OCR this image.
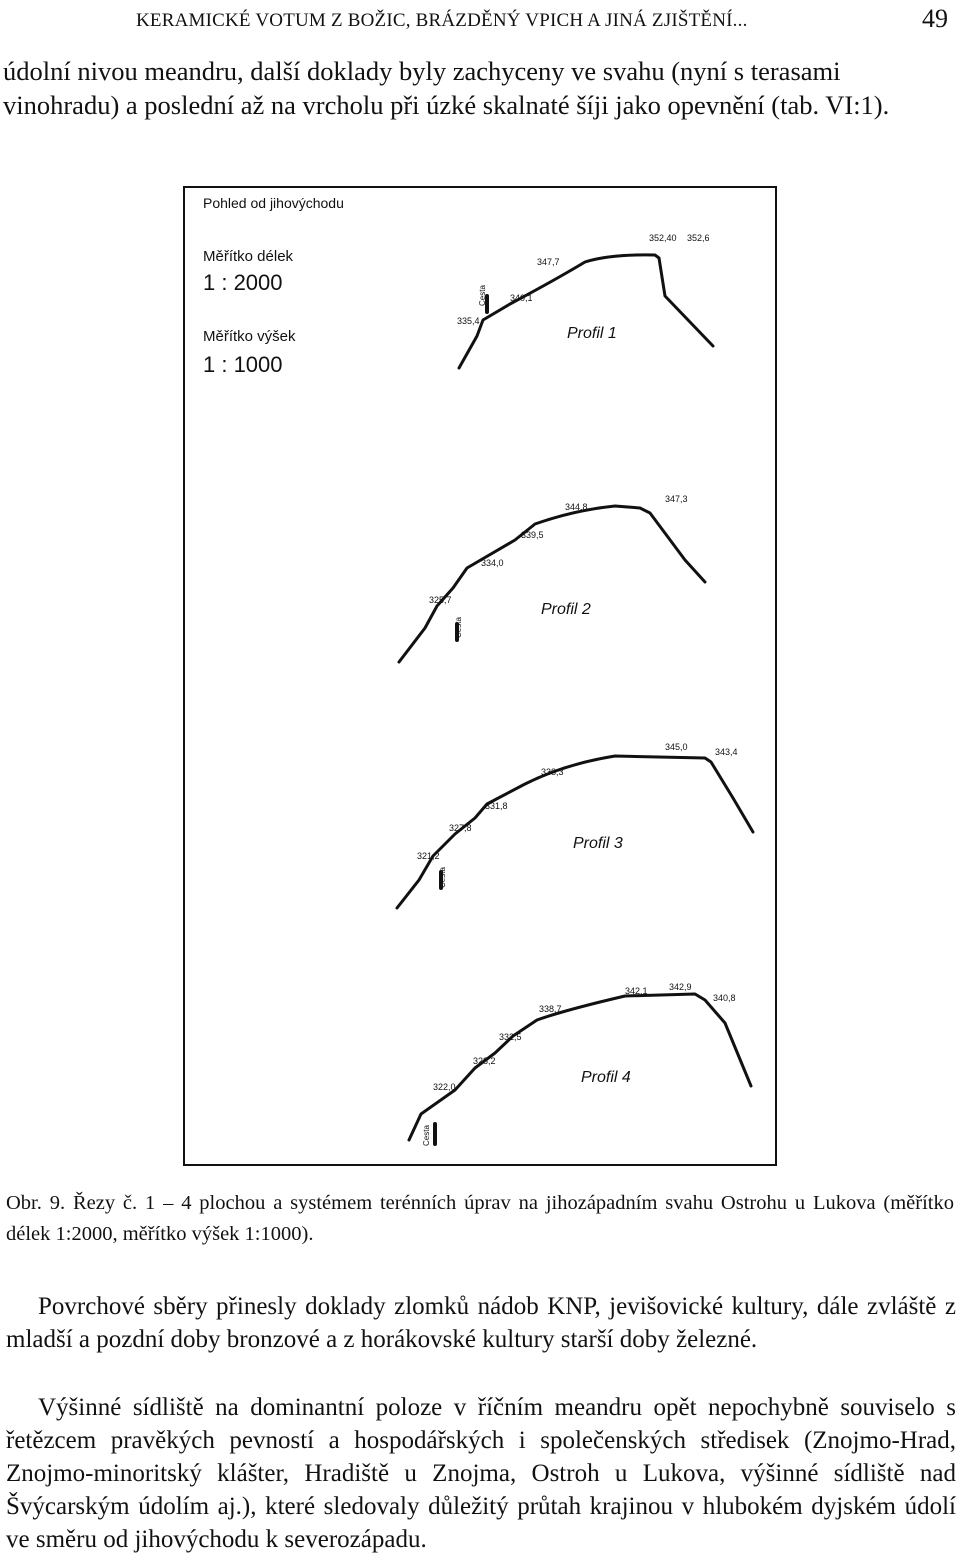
KERAMICKÉ VOTUM Z BOŽIC, BRÁZDĚNÝ VPICH A JINÁ ZJIŠTĚNÍ...	49
údolní nivou meandru, další doklady byly zachyceny ve svahu (nyní s terasami vinohradu) a poslední až na vrcholu při úzké skalnaté šíji jako opevnění (tab. VI:1).
Pohled od jihovýchodu
Měřítko délek
1 : 2000
Měřítko výšek
1 : 1000
Profil 1
335,4
340,1
347,7
352,40 352,6
Cesta
Profil 2
325,7
334,0
339,5
344,8
347,3
Cesta
Profil 3
321,2
327,8
331,8
338,3
345,0	343,4
Cesta
Profil 4
322,0
328,2
332,5
338,7
342,1 342,9
340,8
Cesta
Obr. 9. Řezy č. 1 – 4 plochou a systémem terénních úprav na jihozápadním svahu Ostrohu u Lukova (měřítko délek 1:2000, měřítko výšek 1:1000).
Povrchové sběry přinesly doklady zlomků nádob KNP, jevišovické kultury, dále zvláště z mladší a pozdní doby bronzové a z horákovské kultury starší doby železné.
Výšinné sídliště na dominantní poloze v říčním meandru opět nepochybně souviselo s řetězcem pravěkých pevností a hospodářských i společenských středisek (Znojmo-Hrad, Znojmo-minoritský klášter, Hradiště u Znojma, Ostroh u Lukova, výšinné sídliště nad Švýcarským údolím aj.), které sledovaly důležitý průtah krajinou v hlubokém dyjském údolí ve směru od jihovýchodu k severozápadu.
